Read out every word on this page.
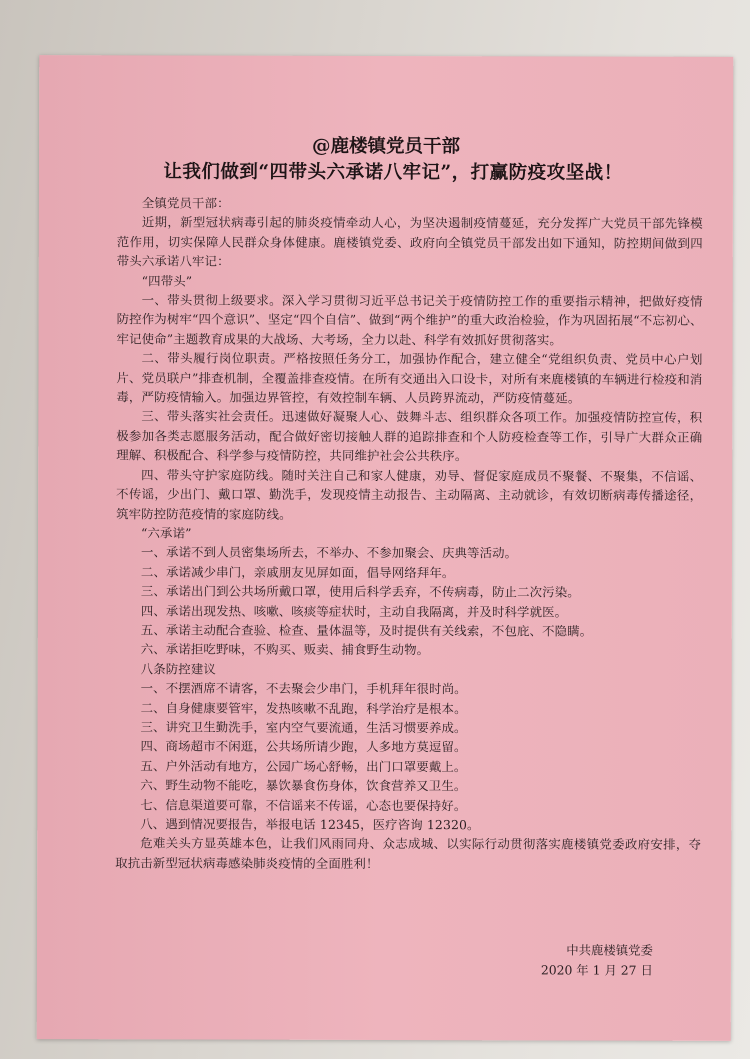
@鹿楼镇党员干部
让我们做到“四带头六承诺八牢记”，打赢防疫攻坚战！

全镇党员干部：

近期，新型冠状病毒引起的肺炎疫情牵动人心，为坚决遏制疫情蔓延，充分发挥广大党员干部先锋模范作用，切实保障人民群众身体健康。鹿楼镇党委、政府向全镇党员干部发出如下通知，防控期间做到四带头六承诺八牢记：

“四带头”

一、带头贯彻上级要求。深入学习贯彻习近平总书记关于疫情防控工作的重要指示精神，把做好疫情防控作为树牢“四个意识”、坚定“四个自信”、做到“两个维护”的重大政治检验，作为巩固拓展“不忘初心、牢记使命”主题教育成果的大战场、大考场，全力以赴、科学有效抓好贯彻落实。

二、带头履行岗位职责。严格按照任务分工，加强协作配合，建立健全“党组织负责、党员中心户划片、党员联户”排查机制，全覆盖排查疫情。在所有交通出入口设卡，对所有来鹿楼镇的车辆进行检疫和消毒，严防疫情输入。加强边界管控，有效控制车辆、人员跨界流动，严防疫情蔓延。

三、带头落实社会责任。迅速做好凝聚人心、鼓舞斗志、组织群众各项工作。加强疫情防控宣传，积极参加各类志愿服务活动，配合做好密切接触人群的追踪排查和个人防疫检查等工作，引导广大群众正确理解、积极配合、科学参与疫情防控，共同维护社会公共秩序。

四、带头守护家庭防线。随时关注自己和家人健康，劝导、督促家庭成员不聚餐、不聚集，不信谣、不传谣，少出门、戴口罩、勤洗手，发现疫情主动报告、主动隔离、主动就诊，有效切断病毒传播途径，筑牢防控防范疫情的家庭防线。

“六承诺”

一、承诺不到人员密集场所去，不举办、不参加聚会、庆典等活动。

二、承诺减少串门，亲戚朋友见屏如面，倡导网络拜年。

三、承诺出门到公共场所戴口罩，使用后科学丢弃，不传病毒，防止二次污染。

四、承诺出现发热、咳嗽、咳痰等症状时，主动自我隔离，并及时科学就医。

五、承诺主动配合查验、检查、量体温等，及时提供有关线索，不包庇、不隐瞒。

六、承诺拒吃野味，不购买、贩卖、捕食野生动物。

八条防控建议

一、不摆酒席不请客，不去聚会少串门，手机拜年很时尚。

二、自身健康要管牢，发热咳嗽不乱跑，科学治疗是根本。

三、讲究卫生勤洗手，室内空气要流通，生活习惯要养成。

四、商场超市不闲逛，公共场所请少跑，人多地方莫逗留。

五、户外活动有地方，公园广场心舒畅，出门口罩要戴上。

六、野生动物不能吃，暴饮暴食伤身体，饮食营养又卫生。

七、信息渠道要可靠，不信谣来不传谣，心态也要保持好。

八、遇到情况要报告，举报电话 12345，医疗咨询 12320。

危难关头方显英雄本色，让我们风雨同舟、众志成城、以实际行动贯彻落实鹿楼镇党委政府安排，夺取抗击新型冠状病毒感染肺炎疫情的全面胜利！

中共鹿楼镇党委
2020 年 1 月 27 日
